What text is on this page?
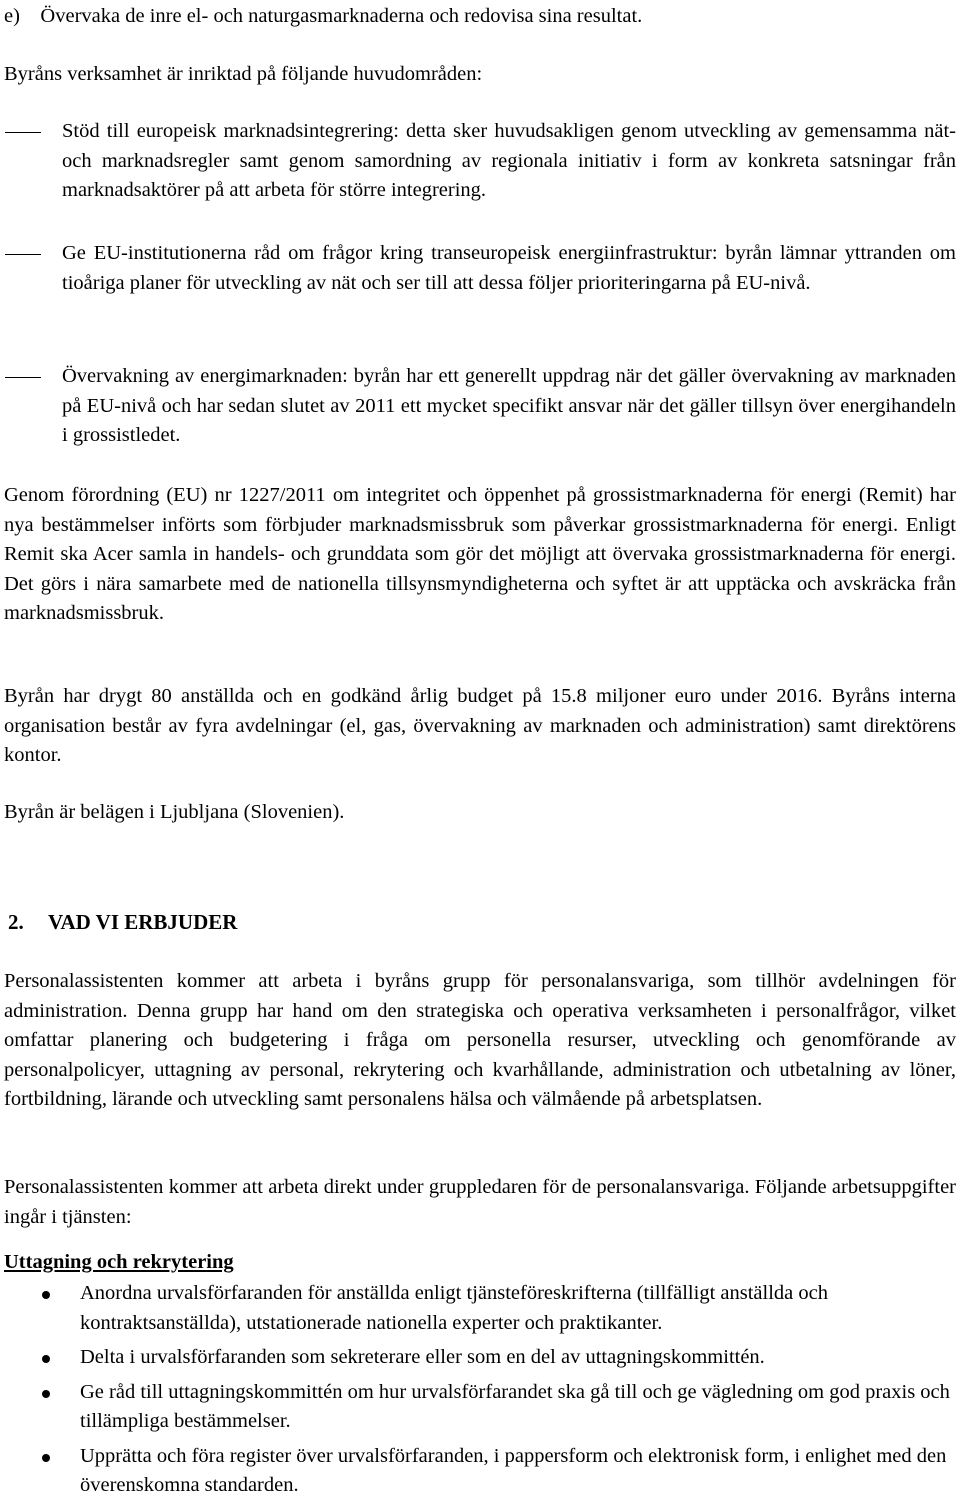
e)    Övervaka de inre el- och naturgasmarknaderna och redovisa sina resultat.

Byråns verksamhet är inriktad på följande huvudområden:

Stöd till europeisk marknadsintegrering: detta sker huvudsakligen genom utveckling av gemensamma nät- och marknadsregler samt genom samordning av regionala initiativ i form av konkreta satsningar från marknadsaktörer på att arbeta för större integrering.

Ge EU-institutionerna råd om frågor kring transeuropeisk energiinfrastruktur: byrån lämnar yttranden om tioåriga planer för utveckling av nät och ser till att dessa följer prioriteringarna på EU-nivå.

Övervakning av energimarknaden: byrån har ett generellt uppdrag när det gäller övervakning av marknaden på EU-nivå och har sedan slutet av 2011 ett mycket specifikt ansvar när det gäller tillsyn över energihandeln i grossistledet.

Genom förordning (EU) nr 1227/2011 om integritet och öppenhet på grossistmarknaderna för energi (Remit) har nya bestämmelser införts som förbjuder marknadsmissbruk som påverkar grossistmarknaderna för energi. Enligt Remit ska Acer samla in handels- och grunddata som gör det möjligt att övervaka grossistmarknaderna för energi. Det görs i nära samarbete med de nationella tillsynsmyndigheterna och syftet är att upptäcka och avskräcka från marknadsmissbruk.

Byrån har drygt 80 anställda och en godkänd årlig budget på 15.8 miljoner euro under 2016. Byråns interna organisation består av fyra avdelningar (el, gas, övervakning av marknaden och administration) samt direktörens kontor.

Byrån är belägen i Ljubljana (Slovenien).

2. VAD VI ERBJUDER

Personalassistenten kommer att arbeta i byråns grupp för personalansvariga, som tillhör avdelningen för administration. Denna grupp har hand om den strategiska och operativa verksamheten i personalfrågor, vilket omfattar planering och budgetering i fråga om personella resurser, utveckling och genomförande av personalpolicyer, uttagning av personal, rekrytering och kvarhållande, administration och utbetalning av löner, fortbildning, lärande och utveckling samt personalens hälsa och välmående på arbetsplatsen.

Personalassistenten kommer att arbeta direkt under gruppledaren för de personalansvariga. Följande arbetsuppgifter ingår i tjänsten:

Uttagning och rekrytering

Anordna urvalsförfaranden för anställda enligt tjänsteföreskrifterna (tillfälligt anställda och kontraktsanställda), utstationerade nationella experter och praktikanter.

Delta i urvalsförfaranden som sekreterare eller som en del av uttagningskommittén.

Ge råd till uttagningskommittén om hur urvalsförfarandet ska gå till och ge vägledning om god praxis och tillämpliga bestämmelser.

Upprätta och föra register över urvalsförfaranden, i pappersform och elektronisk form, i enlighet med den överenskomna standarden.
